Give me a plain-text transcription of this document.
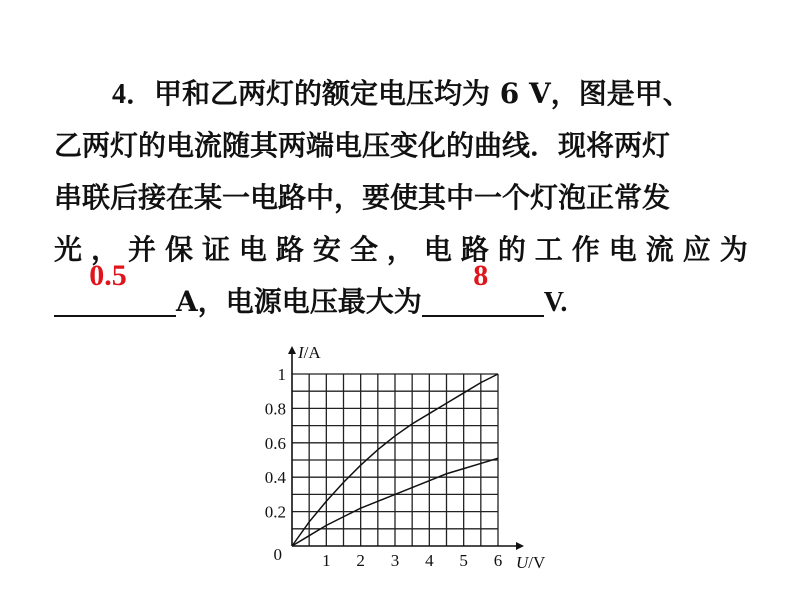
4．甲和乙两灯的额定电压均为 6 V，图是甲、
乙两灯的电流随其两端电压变化的曲线．现将两灯
串联后接在某一电路中，要使其中一个灯泡正常发
光 ， 并 保 证 电 路 安 全 ， 电 路 的 工 作 电 流 应 为
0.5
A，电源电压最大为
8
V.
1 2 3 4 5 6
0.2
0.4
0.6
0.8
1
0	U/V
I/A
